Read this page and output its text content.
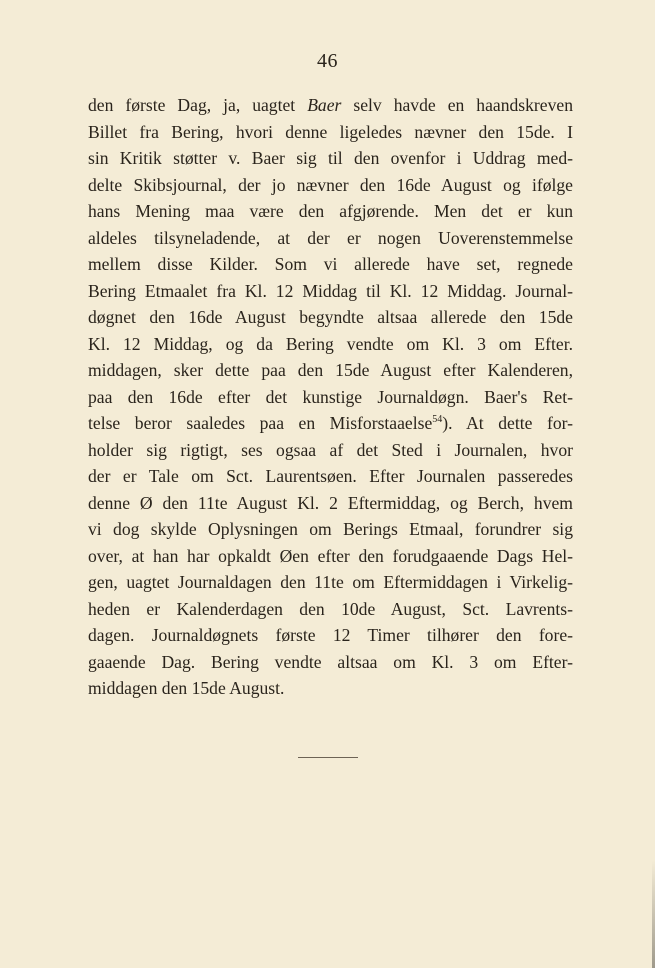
46
den første Dag, ja, uagtet Baer selv havde en haandskreven
Billet fra Bering, hvori denne ligeledes nævner den 15de. I
sin Kritik støtter v. Baer sig til den ovenfor i Uddrag med-
delte Skibsjournal, der jo nævner den 16de August og ifølge
hans Mening maa være den afgjørende. Men det er kun
aldeles tilsyneladende, at der er nogen Uoverenstemmelse
mellem disse Kilder. Som vi allerede have set, regnede
Bering Etmaalet fra Kl. 12 Middag til Kl. 12 Middag. Journal-
døgnet den 16de August begyndte altsaa allerede den 15de
Kl. 12 Middag, og da Bering vendte om Kl. 3 om Efter.
middagen, sker dette paa den 15de August efter Kalenderen,
paa den 16de efter det kunstige Journaldøgn. Baer's Ret-
telse beror saaledes paa en Misforstaaelse$^{54}$). At dette for-
holder sig rigtigt, ses ogsaa af det Sted i Journalen, hvor
der er Tale om Sct. Laurentsøen. Efter Journalen passeredes
denne Ø den 11te August Kl. 2 Eftermiddag, og Berch, hvem
vi dog skylde Oplysningen om Berings Etmaal, forundrer sig
over, at han har opkaldt Øen efter den forudgaaende Dags Hel-
gen, uagtet Journaldagen den 11te om Eftermiddagen i Virkelig-
heden er Kalenderdagen den 10de August, Sct. Lavrents-
dagen. Journaldøgnets første 12 Timer tilhører den fore-
gaaende Dag. Bering vendte altsaa om Kl. 3 om Efter-
middagen den 15de August.
